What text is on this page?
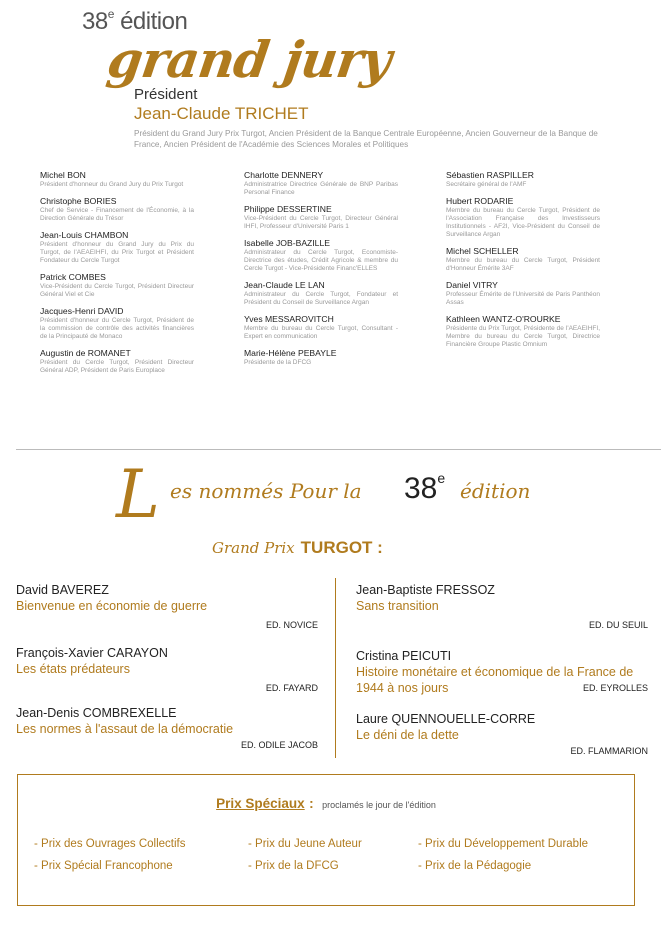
38e édition
grand jury
Président
Jean-Claude TRICHET
Président du Grand Jury Prix Turgot, Ancien Président de la Banque Centrale Européenne, Ancien Gouverneur de la Banque de France, Ancien Président de l'Académie des Sciences Morales et Politiques
Michel BON
Président d'honneur du Grand Jury du Prix Turgot
Christophe BORIES
Chef de Service - Financement de l'Économie, à la Direction Générale du Trésor
Jean-Louis CHAMBON
Président d'honneur du Grand Jury du Prix du Turgot, de l'AEAEIHFI, du Prix Turgot et Président Fondateur du Cercle Turgot
Patrick COMBES
Vice-Président du Cercle Turgot, Président Directeur Général Viel et Cie
Jacques-Henri DAVID
Président d'honneur du Cercle Turgot, Président de la commission de contrôle des activités financières de la Principauté de Monaco
Augustin de ROMANET
Président du Cercle Turgot, Président Directeur Général ADP, Président de Paris Europlace
Charlotte DENNERY
Administratrice Directrice Générale de BNP Paribas Personal Finance
Philippe DESSERTINE
Vice-Président du Cercle Turgot, Directeur Général IHFI, Professeur d'Université Paris 1
Isabelle JOB-BAZILLE
Administrateur du Cercle Turgot, Economiste-Directrice des études, Crédit Agricole & membre du Cercle Turgot - Vice-Présidente Financ'ELLES
Jean-Claude LE LAN
Administrateur du Cercle Turgot, Fondateur et Président du Conseil de Surveillance Argan
Yves MESSAROVITCH
Membre du bureau du Cercle Turgot, Consultant - Expert en communication
Marie-Hélène PEBAYLE
Présidente de la DFCG
Sébastien RASPILLER
Secrétaire général de l'AMF
Hubert RODARIE
Membre du bureau du Cercle Turgot, Président de l'Association Française des Investisseurs Institutionnels - AF2I, Vice-Président du Conseil de Surveillance Argan
Michel SCHELLER
Membre du bureau du Cercle Turgot, Président d'Honneur Émérite 3AF
Daniel VITRY
Professeur Émérite de l'Université de Paris Panthéon Assas
Kathleen WANTZ-O'ROURKE
Présidente du Prix Turgot, Présidente de l'AEAEIHFI, Membre du bureau du Cercle Turgot, Directrice Financière Groupe Plastic Omnium
L es nommés Pour la 38e
édition
Grand Prix TURGOT :
David BAVEREZ
Bienvenue en économie de guerre
ED. NOVICE
François-Xavier CARAYON
Les états prédateurs
ED. FAYARD
Jean-Denis COMBREXELLE
Les normes à l'assaut de la démocratie
ED. ODILE JACOB
Jean-Baptiste FRESSOZ
Sans transition
ED. DU SEUIL
Cristina PEICUTI
Histoire monétaire et économique de la France de 1944 à nos jours	ED. EYROLLES
Laure QUENNOUELLE-CORRE
Le déni de la dette
ED. FLAMMARION
Prix Spéciaux : proclamés le jour de l'édition
- Prix des Ouvrages Collectifs	- Prix du Jeune Auteur	- Prix du Développement Durable
- Prix Spécial Francophone	- Prix de la DFCG	- Prix de la Pédagogie
